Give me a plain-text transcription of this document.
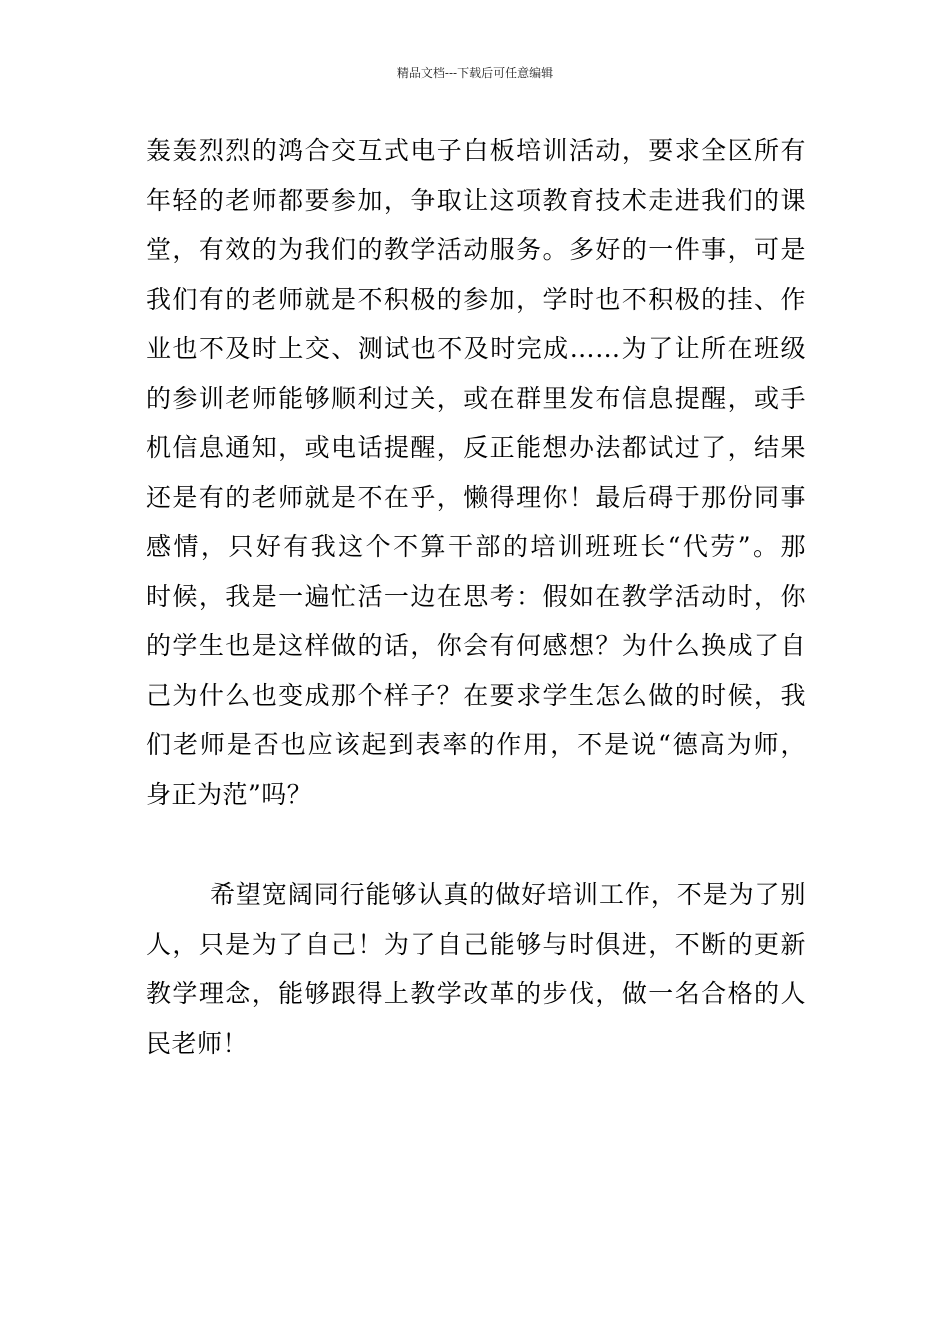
精品文档---下载后可任意编辑
轰轰烈烈的鸿合交互式电子白板培训活动，要求全区所有
年轻的老师都要参加，争取让这项教育技术走进我们的课
堂，有效的为我们的教学活动服务。多好的一件事，可是
我们有的老师就是不积极的参加，学时也不积极的挂、作
业也不及时上交、测试也不及时完成……为了让所在班级
的参训老师能够顺利过关，或在群里发布信息提醒，或手
机信息通知，或电话提醒，反正能想办法都试过了，结果
还是有的老师就是不在乎，懒得理你！最后碍于那份同事
感情，只好有我这个不算干部的培训班班长“代劳”。那
时候，我是一遍忙活一边在思考：假如在教学活动时，你
的学生也是这样做的话，你会有何感想？为什么换成了自
己为什么也变成那个样子？在要求学生怎么做的时候，我
们老师是否也应该起到表率的作用，不是说“德高为师，
身正为范”吗？
希望宽阔同行能够认真的做好培训工作，不是为了别
人，只是为了自己！为了自己能够与时俱进，不断的更新
教学理念，能够跟得上教学改革的步伐，做一名合格的人
民老师！
